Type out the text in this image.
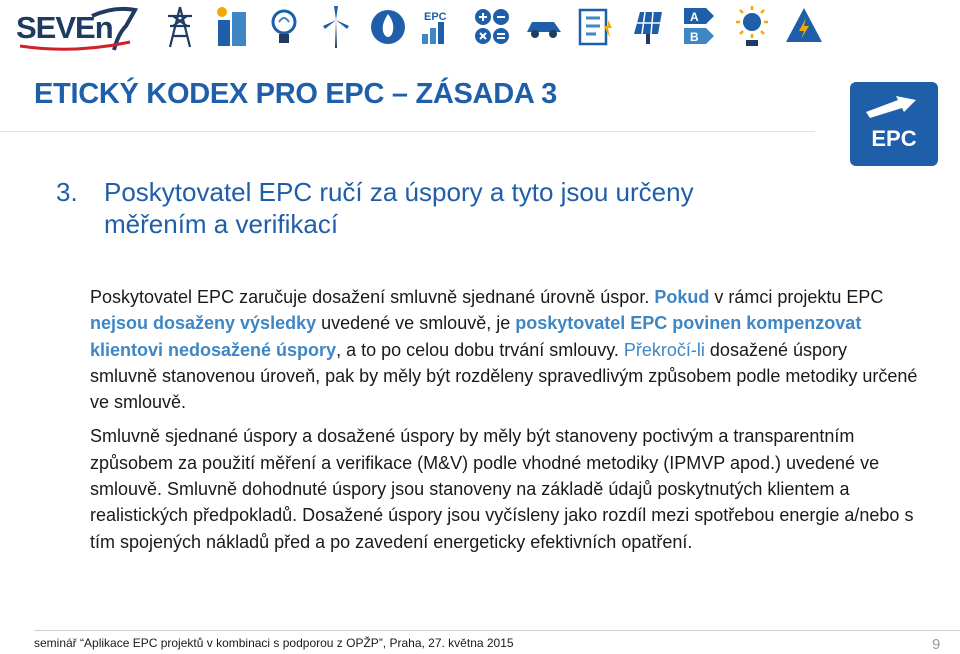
SEVEn	EPC	A
B
ETICKÝ KODEX PRO EPC – ZÁSADA 3
EPC
3.	Poskytovatel EPC ručí za úspory a tyto jsou určeny
měřením a verifikací

Poskytovatel EPC zaručuje dosažení smluvně sjednané úrovně úspor. Pokud v rámci projektu EPC nejsou dosaženy výsledky uvedené ve smlouvě, je poskytovatel EPC povinen kompenzovat klientovi nedosažené úspory, a to po celou dobu trvání smlouvy. Překročí-li dosažené úspory smluvně stanovenou úroveň, pak by měly být rozděleny spravedlivým způsobem podle metodiky určené ve smlouvě.

Smluvně sjednané úspory a dosažené úspory by měly být stanoveny poctivým a transparentním způsobem za použití měření a verifikace (M&V) podle vhodné metodiky (IPMVP apod.) uvedené ve smlouvě. Smluvně dohodnuté úspory jsou stanoveny na základě údajů poskytnutých klientem a realistických předpokladů. Dosažené úspory jsou vyčísleny jako rozdíl mezi spotřebou energie a/nebo s tím spojených nákladů před a po zavedení energeticky efektivních opatření.

seminář “Aplikace EPC projektů v kombinaci s podporou z OPŽP”, Praha, 27. května 2015	9
